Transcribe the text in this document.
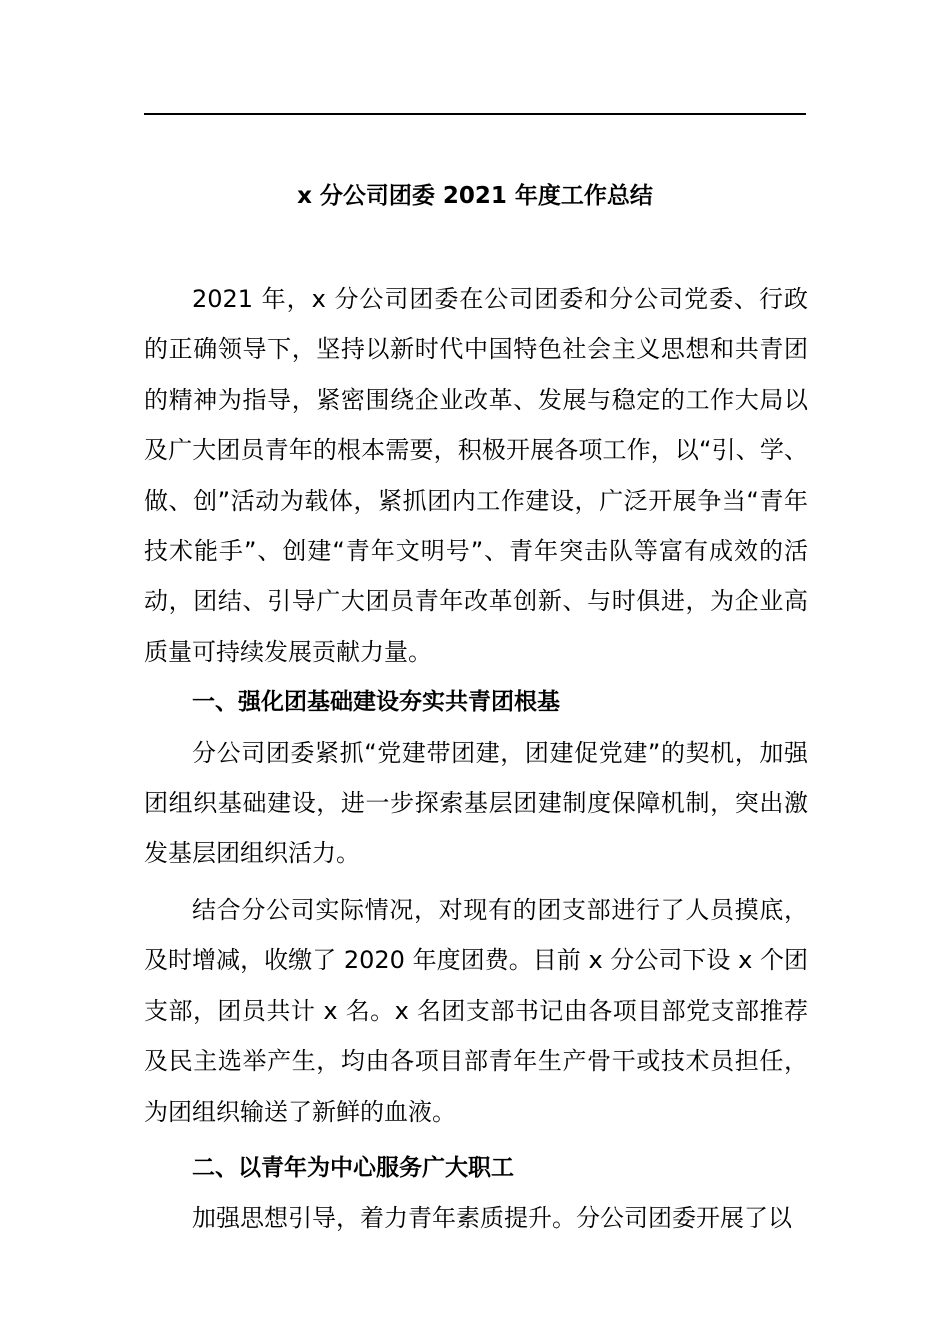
x 分公司团委 2021 年度工作总结

2021 年，x 分公司团委在公司团委和分公司党委、行政的正确领导下，坚持以新时代中国特色社会主义思想和共青团的精神为指导，紧密围绕企业改革、发展与稳定的工作大局以及广大团员青年的根本需要，积极开展各项工作，以“引、学、做、创”活动为载体，紧抓团内工作建设，广泛开展争当“青年技术能手”、创建“青年文明号”、青年突击队等富有成效的活动，团结、引导广大团员青年改革创新、与时俱进，为企业高质量可持续发展贡献力量。

一、强化团基础建设夯实共青团根基

分公司团委紧抓“党建带团建，团建促党建”的契机，加强团组织基础建设，进一步探索基层团建制度保障机制，突出激发基层团组织活力。

结合分公司实际情况，对现有的团支部进行了人员摸底，及时增减，收缴了 2020 年度团费。目前 x 分公司下设 x 个团支部，团员共计 x 名。x 名团支部书记由各项目部党支部推荐及民主选举产生，均由各项目部青年生产骨干或技术员担任，为团组织输送了新鲜的血液。

二、以青年为中心服务广大职工

加强思想引导，着力青年素质提升。分公司团委开展了以
